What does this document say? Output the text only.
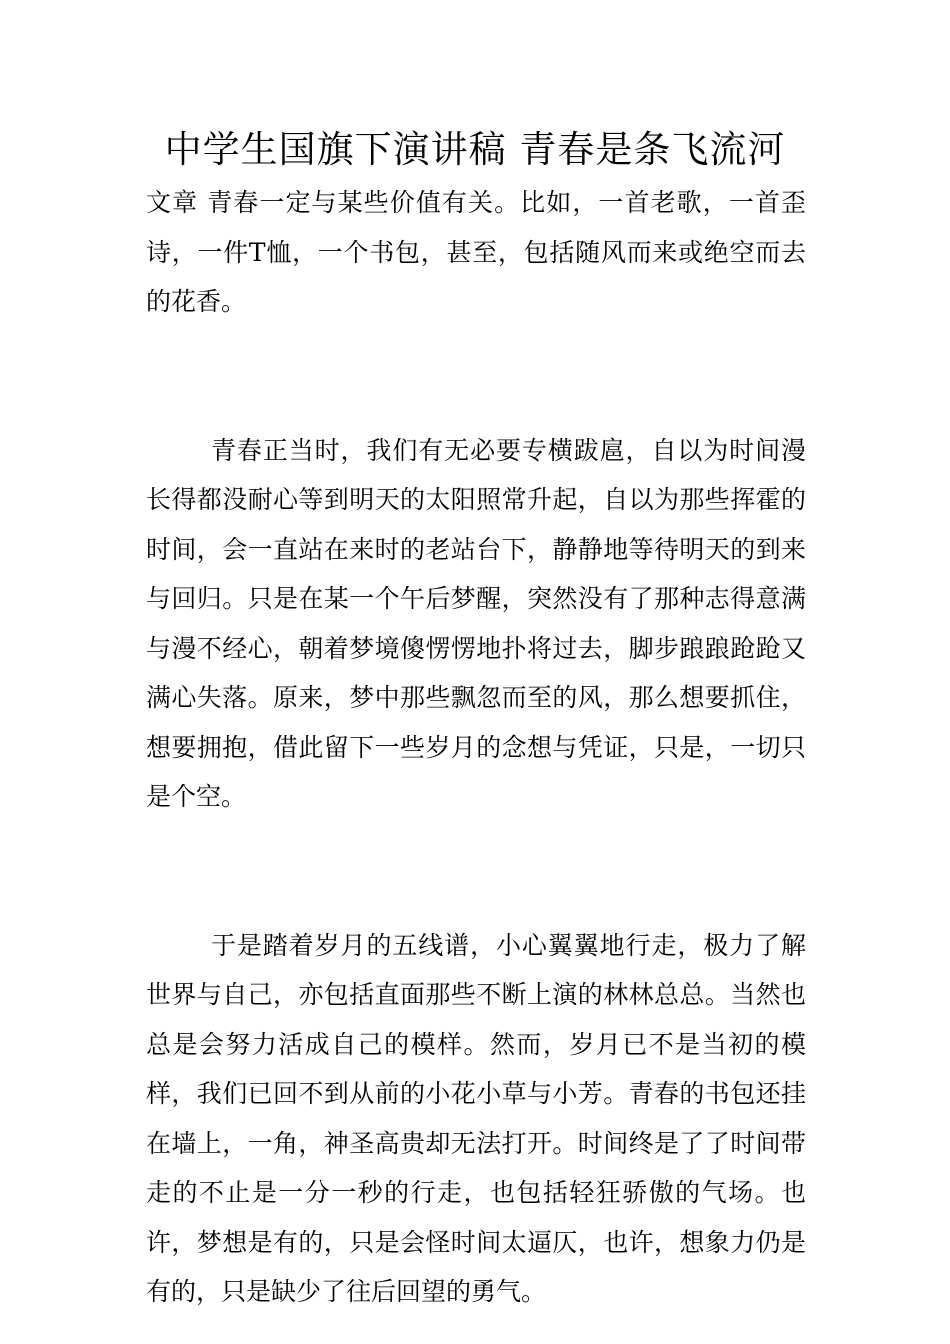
中学生国旗下演讲稿 青春是条飞流河

文章 青春一定与某些价值有关。比如，一首老歌，一首歪诗，一件T恤，一个书包，甚至，包括随风而来或绝空而去的花香。

青春正当时，我们有无必要专横跋扈，自以为时间漫长得都没耐心等到明天的太阳照常升起，自以为那些挥霍的时间，会一直站在来时的老站台下，静静地等待明天的到来与回归。只是在某一个午后梦醒，突然没有了那种志得意满与漫不经心，朝着梦境傻愣愣地扑将过去，脚步踉踉跄跄又满心失落。原来，梦中那些飘忽而至的风，那么想要抓住，想要拥抱，借此留下一些岁月的念想与凭证，只是，一切只是个空。

于是踏着岁月的五线谱，小心翼翼地行走，极力了解世界与自己，亦包括直面那些不断上演的林林总总。当然也总是会努力活成自己的模样。然而，岁月已不是当初的模样，我们已回不到从前的小花小草与小芳。青春的书包还挂在墙上，一角，神圣高贵却无法打开。时间终是了了时间带走的不止是一分一秒的行走，也包括轻狂骄傲的气场。也许，梦想是有的，只是会怪时间太逼仄，也许，想象力仍是有的，只是缺少了往后回望的勇气。
